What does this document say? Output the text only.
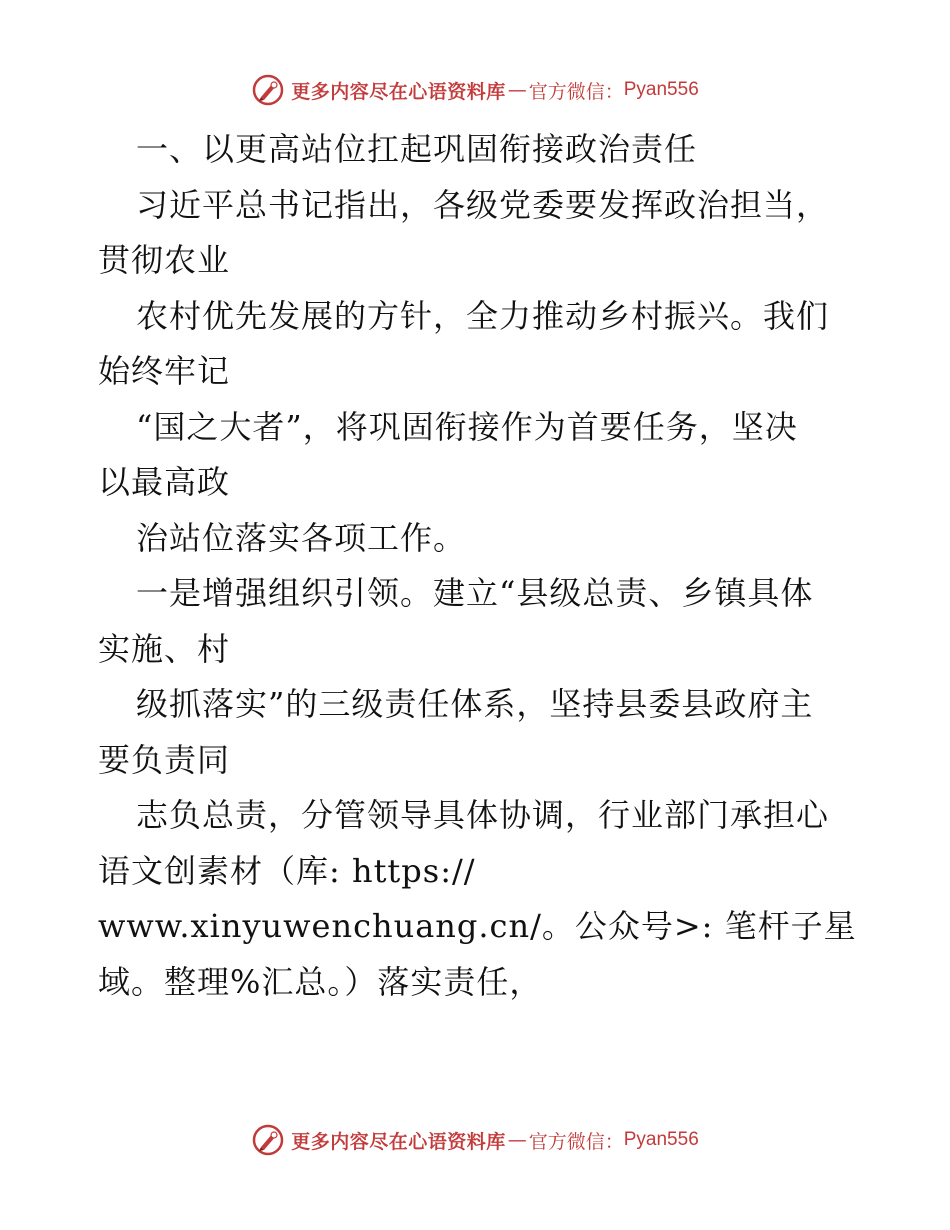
更多内容尽在心语资料库 — 官方微信： Pyan556
一、以更高站位扛起巩固衔接政治责任
习近平总书记指出，各级党委要发挥政治担当，
贯彻农业
农村优先发展的方针，全力推动乡村振兴。我们
始终牢记
“国之大者”，将巩固衔接作为首要任务，坚决
以最高政
治站位落实各项工作。
一是增强组织引领。建立“县级总责、乡镇具体
实施、村
级抓落实”的三级责任体系，坚持县委县政府主
要负责同
志负总责，分管领导具体协调，行业部门承担心
语文创素材（库: https://
www.xinyuwenchuang.cn/。公众号>: 笔杆子星
域。整理%汇总。）落实责任，
更多内容尽在心语资料库 — 官方微信： Pyan556
